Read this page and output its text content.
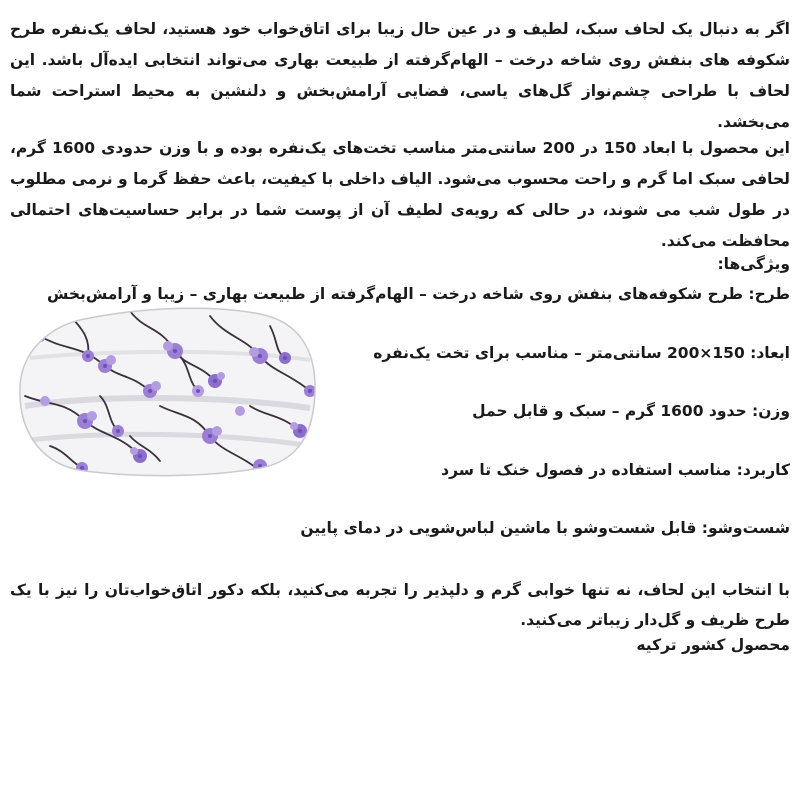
اگر به دنبال یک لحاف سبک، لطیف و در عین حال زیبا برای اتاق‌خواب خود هستید، لحاف یک‌نفره طرح شکوفه های بنفش روی شاخه درخت – الهام‌گرفته از طبیعت بهاری می‌تواند انتخابی ایده‌آل باشد. این لحاف با طراحی چشم‌نواز گل‌های یاسی، فضایی آرامش‌بخش و دلنشین به محیط استراحت شما می‌بخشد.

این محصول با ابعاد 150 در 200 سانتی‌متر مناسب تخت‌های یک‌نفره بوده و با وزن حدودی 1600 گرم، لحافی سبک اما گرم و راحت محسوب می‌شود. الیاف داخلی با کیفیت، باعث حفظ گرما و نرمی مطلوب در طول شب می شوند، در حالی که رویه‌ی لطیف آن از پوست شما در برابر حساسیت‌های احتمالی محافظت می‌کند.

ویژگی‌ها:
طرح: طرح شکوفه‌های بنفش روی شاخه درخت – الهام‌گرفته از طبیعت بهاری – زیبا و آرامش‌بخش
ابعاد: 150×200 سانتی‌متر – مناسب برای تخت یک‌نفره
وزن: حدود 1600 گرم – سبک و قابل حمل
کاربرد: مناسب استفاده در فصول خنک تا سرد
شست‌وشو: قابل شست‌وشو با ماشین لباس‌شویی در دمای پایین

با انتخاب این لحاف، نه تنها خوابی گرم و دلپذیر را تجربه می‌کنید، بلکه دکور اتاق‌خواب‌تان را نیز با یک طرح ظریف و گل‌دار زیباتر می‌کنید.

محصول کشور ترکیه
